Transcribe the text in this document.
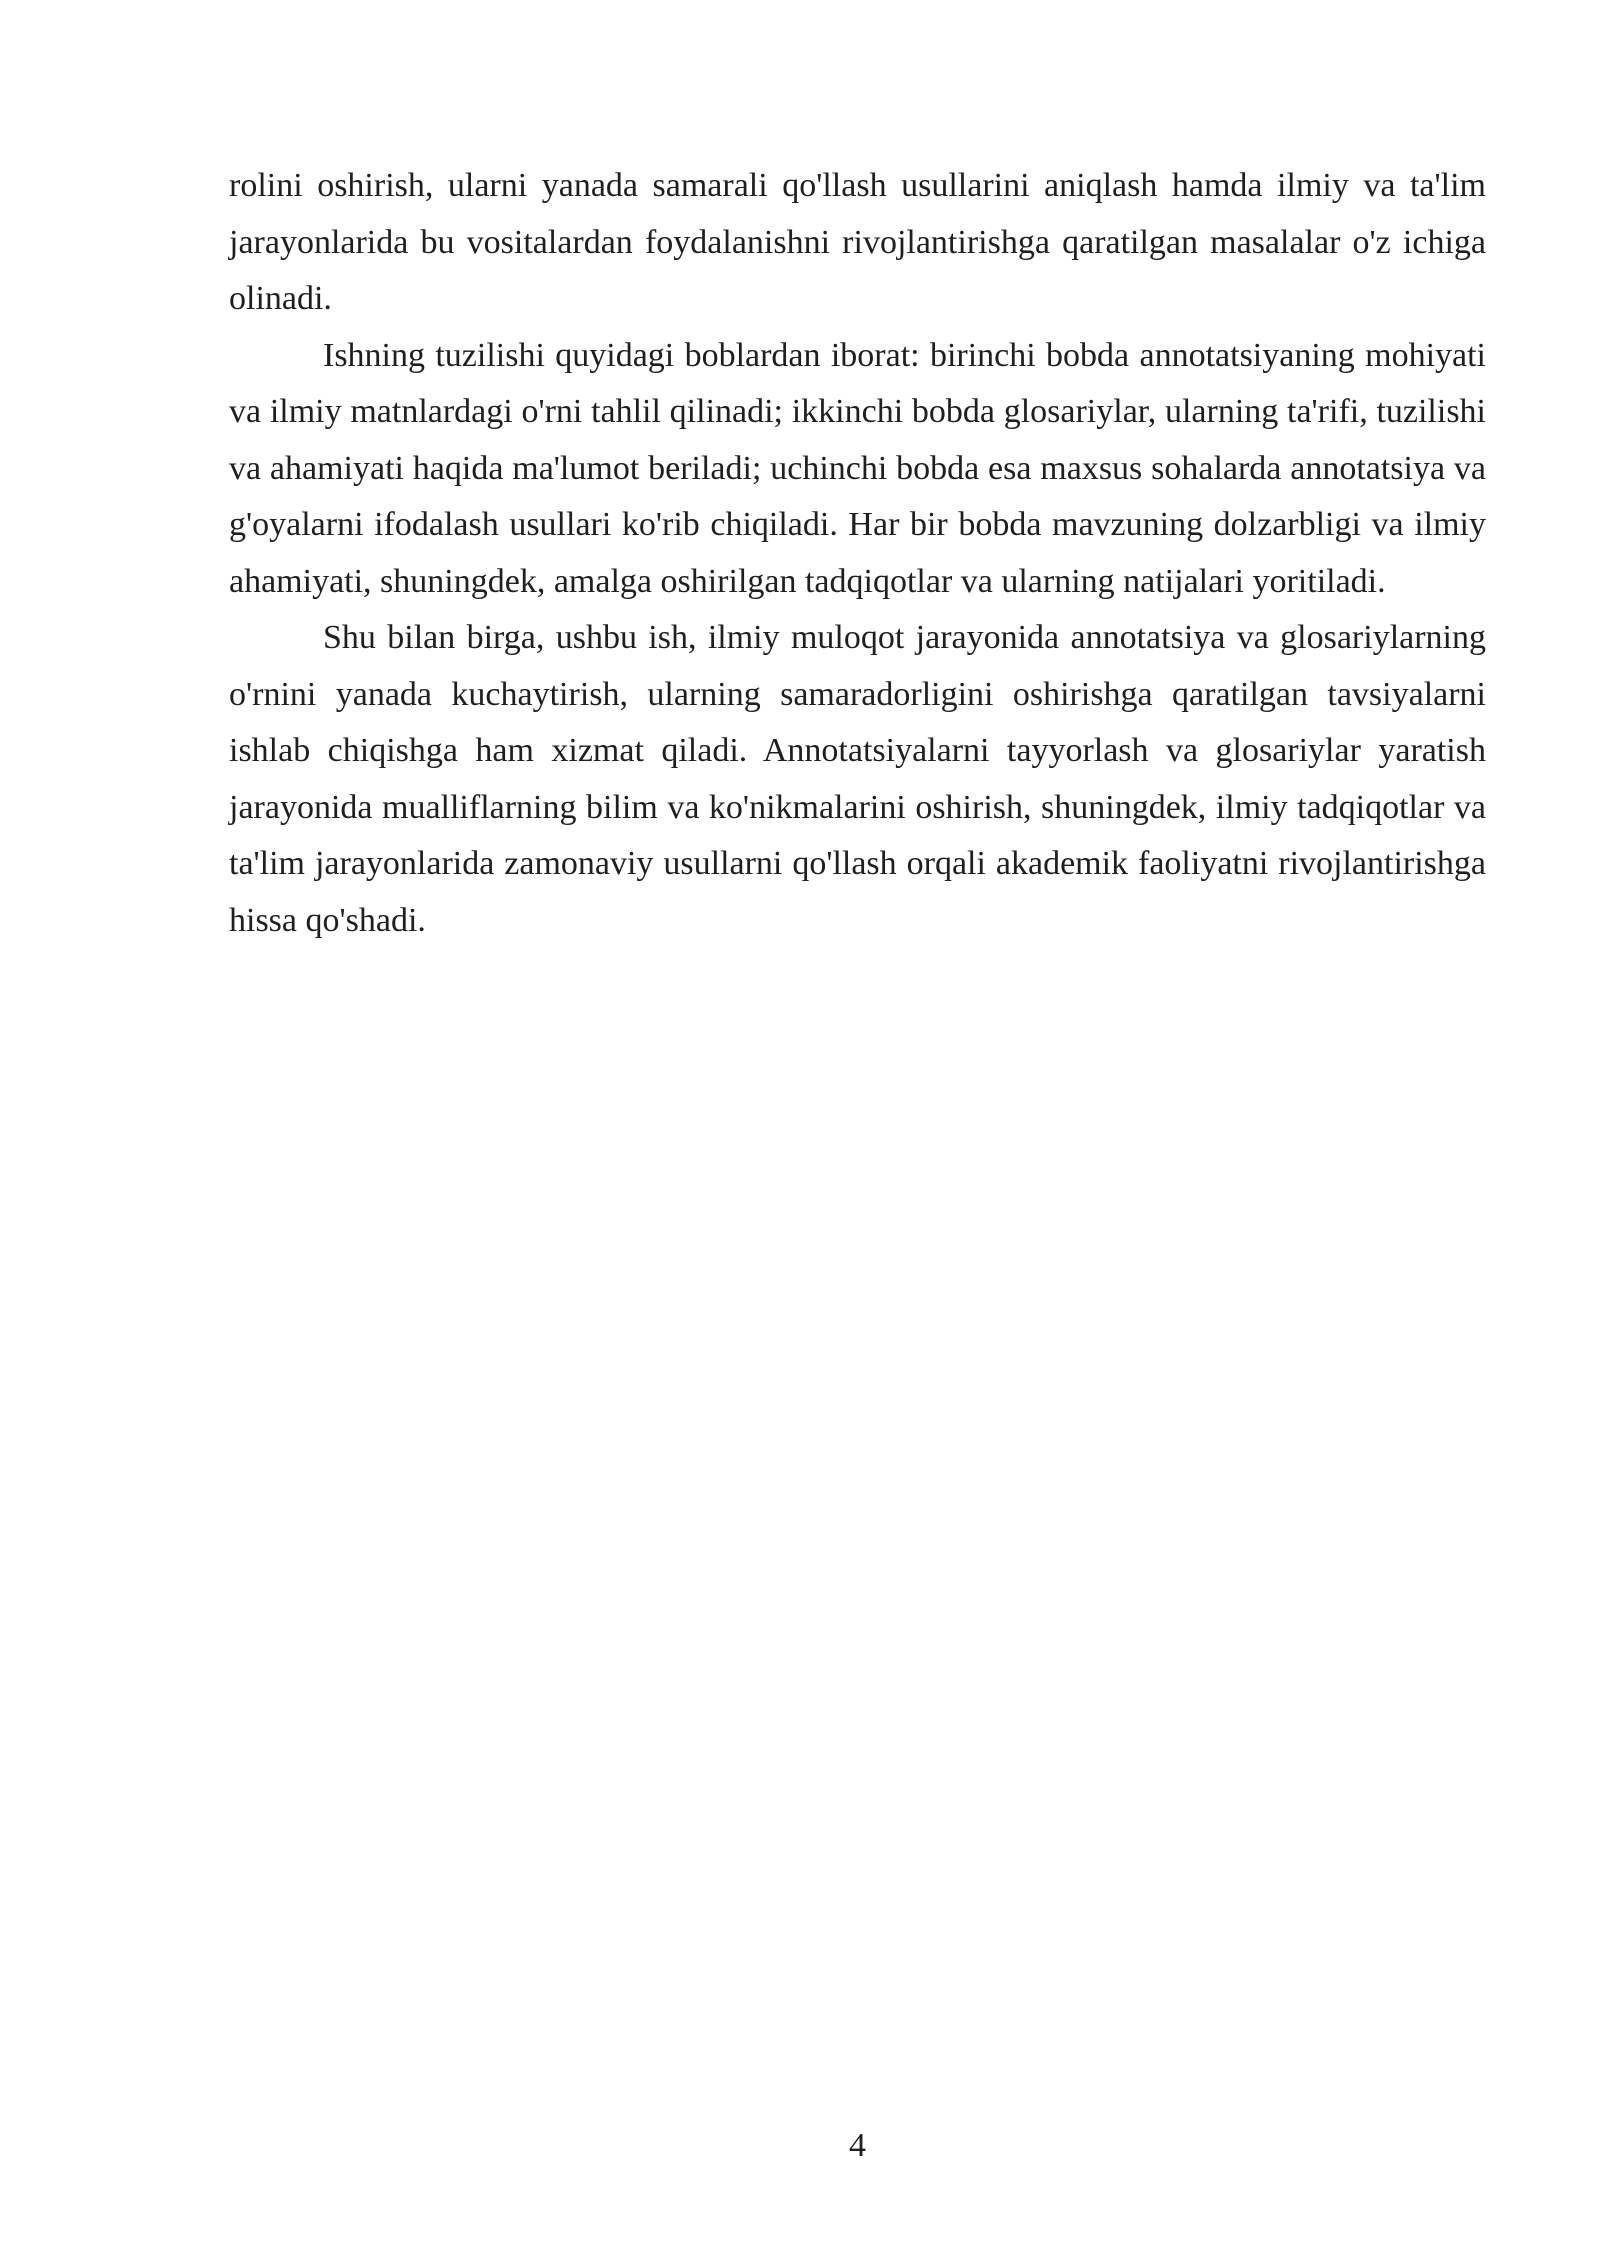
rolini oshirish, ularni yanada samarali qo'llash usullarini aniqlash hamda ilmiy va ta'lim jarayonlarida bu vositalardan foydalanishni rivojlantirishga qaratilgan masalalar o'z ichiga olinadi.

Ishning tuzilishi quyidagi boblardan iborat: birinchi bobda annotatsiyaning mohiyati va ilmiy matnlardagi o'rni tahlil qilinadi; ikkinchi bobda glosariylar, ularning ta'rifi, tuzilishi va ahamiyati haqida ma'lumot beriladi; uchinchi bobda esa maxsus sohalarda annotatsiya va g'oyalarni ifodalash usullari ko'rib chiqiladi. Har bir bobda mavzuning dolzarbligi va ilmiy ahamiyati, shuningdek, amalga oshirilgan tadqiqotlar va ularning natijalari yoritiladi.

Shu bilan birga, ushbu ish, ilmiy muloqot jarayonida annotatsiya va glosariylarning o'rnini yanada kuchaytirish, ularning samaradorligini oshirishga qaratilgan tavsiyalarni ishlab chiqishga ham xizmat qiladi. Annotatsiyalarni tayyorlash va glosariylar yaratish jarayonida mualliflarning bilim va ko'nikmalarini oshirish, shuningdek, ilmiy tadqiqotlar va ta'lim jarayonlarida zamonaviy usullarni qo'llash orqali akademik faoliyatni rivojlantirishga hissa qo'shadi.

4
